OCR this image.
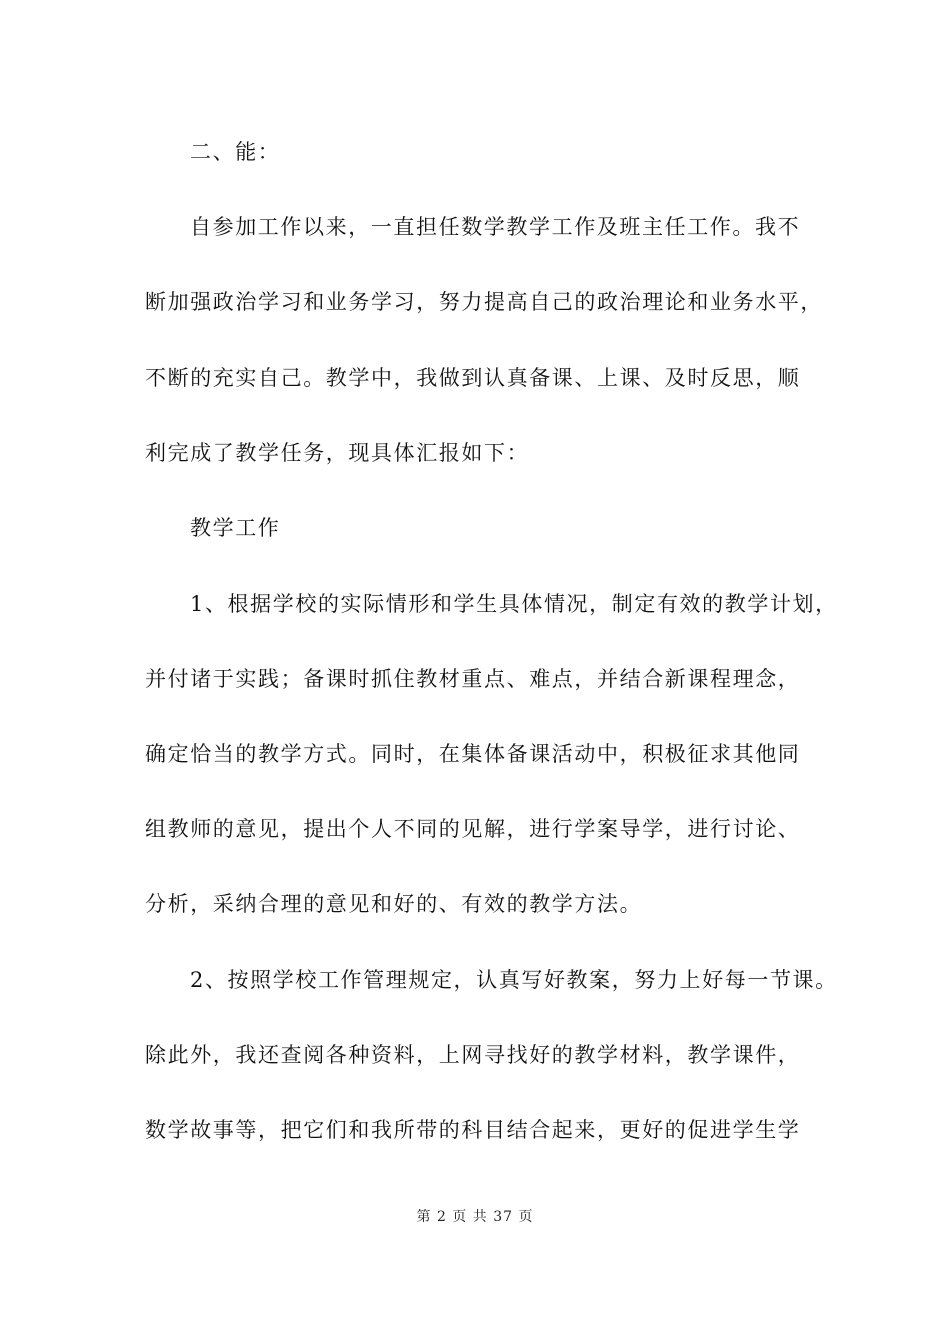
二、能：
自参加工作以来，一直担任数学教学工作及班主任工作。我不
断加强政治学习和业务学习，努力提高自己的政治理论和业务水平，
不断的充实自己。教学中，我做到认真备课、上课、及时反思，顺
利完成了教学任务，现具体汇报如下：
教学工作
1、根据学校的实际情形和学生具体情况，制定有效的教学计划，
并付诸于实践；备课时抓住教材重点、难点，并结合新课程理念，
确定恰当的教学方式。同时，在集体备课活动中，积极征求其他同
组教师的意见，提出个人不同的见解，进行学案导学，进行讨论、
分析，采纳合理的意见和好的、有效的教学方法。
2、按照学校工作管理规定，认真写好教案，努力上好每一节课。
除此外，我还查阅各种资料，上网寻找好的教学材料，教学课件，
数学故事等，把它们和我所带的科目结合起来，更好的促进学生学
第 2 页 共 37 页
